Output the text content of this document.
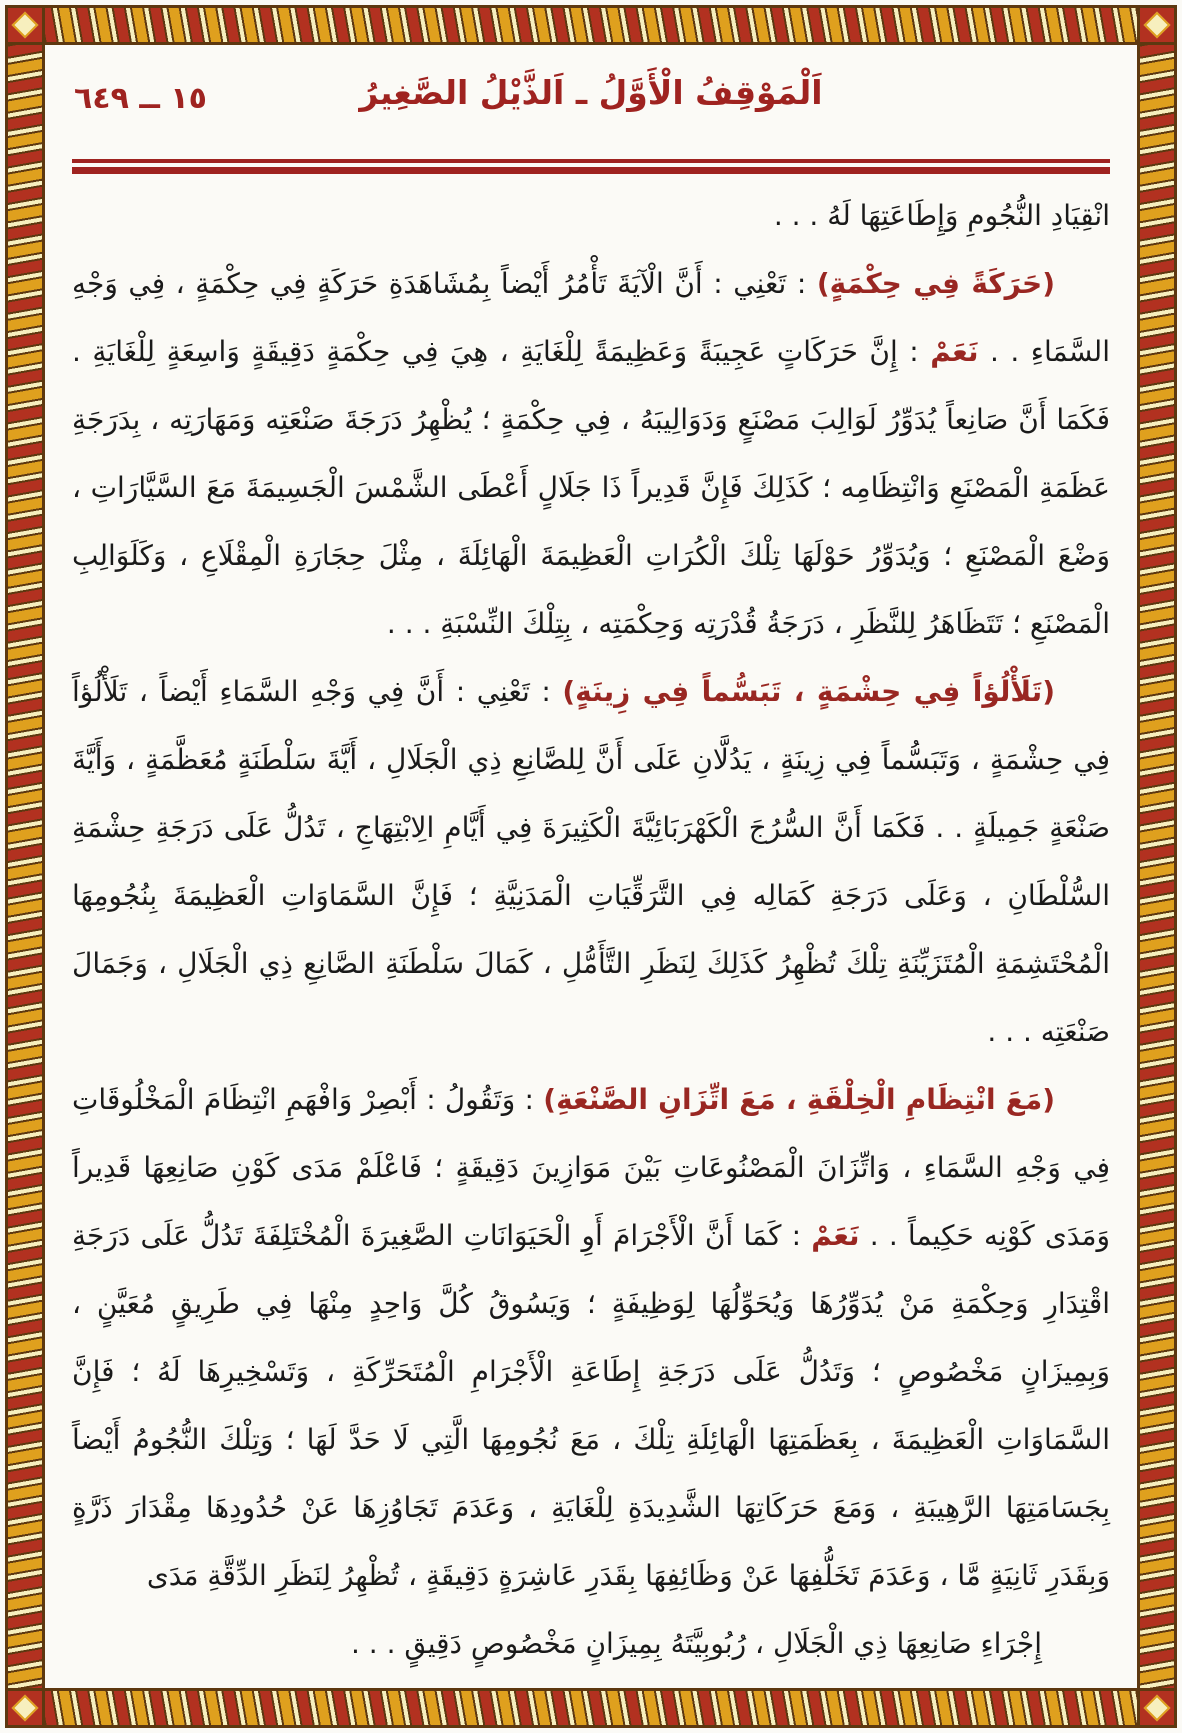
١٥ ــ ٦٤٩	اَلْمَوْقِفُ الْأَوَّلُ ـ اَلذَّيْلُ الصَّغِيرُ

انْقِيَادِ النُّجُومِ وَإِطَاعَتِهَا لَهُ . . .

(حَرَكَةً فِي حِكْمَةٍ) : تَعْنِي : أَنَّ الْآيَةَ تَأْمُرُ أَيْضاً بِمُشَاهَدَةِ حَرَكَةٍ فِي حِكْمَةٍ ، فِي وَجْهِ السَّمَاءِ . . نَعَمْ : إِنَّ حَرَكَاتٍ عَجِيبَةً وَعَظِيمَةً لِلْغَايَةِ ، هِيَ فِي حِكْمَةٍ دَقِيقَةٍ وَاسِعَةٍ لِلْغَايَةِ . فَكَمَا أَنَّ صَانِعاً يُدَوِّرُ لَوَالِبَ مَصْنَعٍ وَدَوَالِيبَهُ ، فِي حِكْمَةٍ ؛ يُظْهِرُ دَرَجَةَ صَنْعَتِه وَمَهَارَتِه ، بِدَرَجَةِ عَظَمَةِ الْمَصْنَعِ وَانْتِظَامِه ؛ كَذَلِكَ فَإِنَّ قَدِيراً ذَا جَلَالٍ أَعْطَى الشَّمْسَ الْجَسِيمَةَ مَعَ السَّيَّارَاتِ ، وَضْعَ الْمَصْنَعِ ؛ وَيُدَوِّرُ حَوْلَهَا تِلْكَ الْكُرَاتِ الْعَظِيمَةَ الْهَائِلَةَ ، مِثْلَ حِجَارَةِ الْمِقْلَاعِ ، وَكَلَوَالِبِ الْمَصْنَعِ ؛ تَتَظَاهَرُ لِلنَّظَرِ ، دَرَجَةُ قُدْرَتِه وَحِكْمَتِه ، بِتِلْكَ النِّسْبَةِ . . .

(تَلَأْلُؤاً فِي حِشْمَةٍ ، تَبَسُّماً فِي زِينَةٍ) : تَعْنِي : أَنَّ فِي وَجْهِ السَّمَاءِ أَيْضاً ، تَلَأْلُؤاً فِي حِشْمَةٍ ، وَتَبَسُّماً فِي زِينَةٍ ، يَدُلَّانِ عَلَى أَنَّ لِلصَّانِعِ ذِي الْجَلَالِ ، أَيَّةَ سَلْطَنَةٍ مُعَظَّمَةٍ ، وَأَيَّةَ صَنْعَةٍ جَمِيلَةٍ . . فَكَمَا أَنَّ السُّرُجَ الْكَهْرَبَائِيَّةَ الْكَثِيرَةَ فِي أَيَّامِ الِابْتِهَاجِ ، تَدُلُّ عَلَى دَرَجَةِ حِشْمَةِ السُّلْطَانِ ، وَعَلَى دَرَجَةِ كَمَالِه فِي التَّرَقِّيَاتِ الْمَدَنِيَّةِ ؛ فَإِنَّ السَّمَاوَاتِ الْعَظِيمَةَ بِنُجُومِهَا الْمُحْتَشِمَةِ الْمُتَزَيِّنَةِ تِلْكَ تُظْهِرُ كَذَلِكَ لِنَظَرِ التَّأَمُّلِ ، كَمَالَ سَلْطَنَةِ الصَّانِعِ ذِي الْجَلَالِ ، وَجَمَالَ صَنْعَتِه . . .

(مَعَ انْتِظَامِ الْخِلْقَةِ ، مَعَ اتِّزَانِ الصَّنْعَةِ) : وَتَقُولُ : أَبْصِرْ وَافْهَمِ انْتِظَامَ الْمَخْلُوقَاتِ فِي وَجْهِ السَّمَاءِ ، وَاتِّزَانَ الْمَصْنُوعَاتِ بَيْنَ مَوَازِينَ دَقِيقَةٍ ؛ فَاعْلَمْ مَدَى كَوْنِ صَانِعِهَا قَدِيراً وَمَدَى كَوْنِه حَكِيماً . . نَعَمْ : كَمَا أَنَّ الْأَجْرَامَ أَوِ الْحَيَوَانَاتِ الصَّغِيرَةَ الْمُخْتَلِفَةَ تَدُلُّ عَلَى دَرَجَةِ اقْتِدَارِ وَحِكْمَةِ مَنْ يُدَوِّرُهَا وَيُحَوِّلُهَا لِوَظِيفَةٍ ؛ وَيَسُوقُ كُلَّ وَاحِدٍ مِنْهَا فِي طَرِيقٍ مُعَيَّنٍ ، وَبِمِيزَانٍ مَخْصُوصٍ ؛ وَتَدُلُّ عَلَى دَرَجَةِ إِطَاعَةِ الْأَجْرَامِ الْمُتَحَرِّكَةِ ، وَتَسْخِيرِهَا لَهُ ؛ فَإِنَّ السَّمَاوَاتِ الْعَظِيمَةَ ، بِعَظَمَتِهَا الْهَائِلَةِ تِلْكَ ، مَعَ نُجُومِهَا الَّتِي لَا حَدَّ لَهَا ؛ وَتِلْكَ النُّجُومُ أَيْضاً بِجَسَامَتِهَا الرَّهِيبَةِ ، وَمَعَ حَرَكَاتِهَا الشَّدِيدَةِ لِلْغَايَةِ ، وَعَدَمَ تَجَاوُزِهَا عَنْ حُدُودِهَا مِقْدَارَ ذَرَّةٍ وَبِقَدَرِ ثَانِيَةٍ مَّا ، وَعَدَمَ تَخَلُّفِهَا عَنْ وَظَائِفِهَا بِقَدَرِ عَاشِرَةٍ دَقِيقَةٍ ، تُظْهِرُ لِنَظَرِ الدِّقَّةِ مَدَى

إِجْرَاءِ صَانِعِهَا ذِي الْجَلَالِ ، رُبُوبِيَّتَهُ بِمِيزَانٍ مَخْصُوصٍ دَقِيقٍ . . .
